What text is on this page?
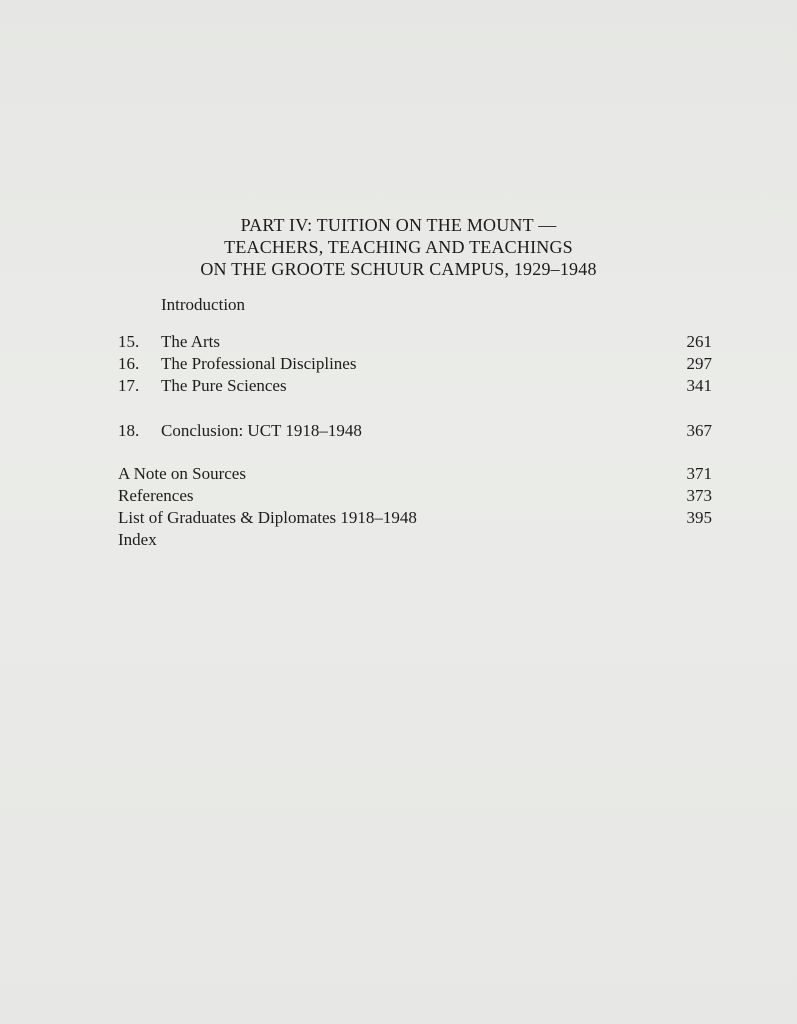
PART IV: TUITION ON THE MOUNT —
TEACHERS, TEACHING AND TEACHINGS
ON THE GROOTE SCHUUR CAMPUS, 1929–1948
Introduction
15. The Arts	261
16. The Professional Disciplines	297
17. The Pure Sciences	341
18. Conclusion: UCT 1918–1948	367
A Note on Sources	371
References	373
List of Graduates & Diplomates 1918–1948	395
Index
